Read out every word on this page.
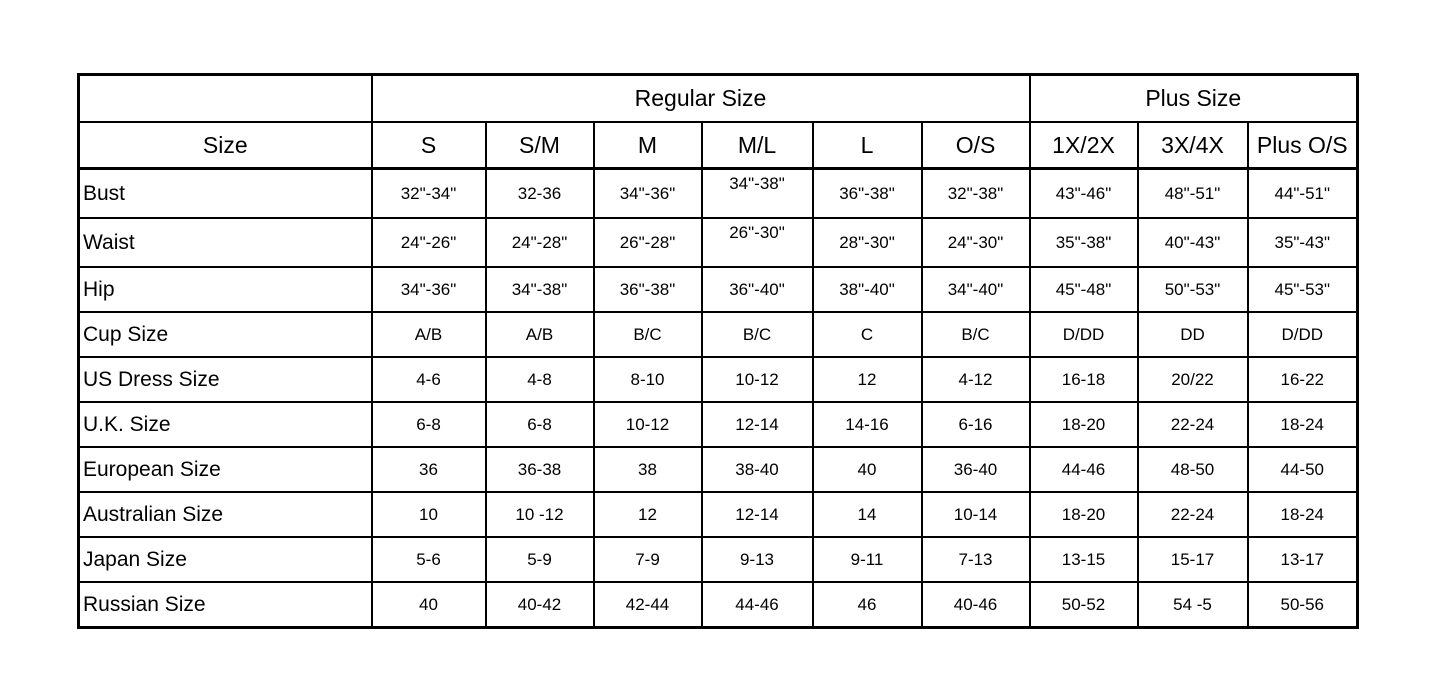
	Regular Size						Plus Size		
Size	S	S/M	M	M/L	L	O/S	1X/2X	3X/4X	Plus O/S
Bust	32"-34"	32-36	34"-36"	34"-38"	36"-38"	32"-38"	43"-46"	48"-51"	44"-51"
Waist	24"-26"	24"-28"	26"-28"	26"-30"	28"-30"	24"-30"	35"-38"	40"-43"	35"-43"
Hip	34"-36"	34"-38"	36"-38"	36"-40"	38"-40"	34"-40"	45"-48"	50"-53"	45"-53"
Cup Size	A/B	A/B	B/C	B/C	C	B/C	D/DD	DD	D/DD
US Dress Size	4-6	4-8	8-10	10-12	12	4-12	16-18	20/22	16-22
U.K. Size	6-8	6-8	10-12	12-14	14-16	6-16	18-20	22-24	18-24
European Size	36	36-38	38	38-40	40	36-40	44-46	48-50	44-50
Australian Size	10	10 -12	12	12-14	14	10-14	18-20	22-24	18-24
Japan Size	5-6	5-9	7-9	9-13	9-11	7-13	13-15	15-17	13-17
Russian Size	40	40-42	42-44	44-46	46	40-46	50-52	54 -5	50-56
